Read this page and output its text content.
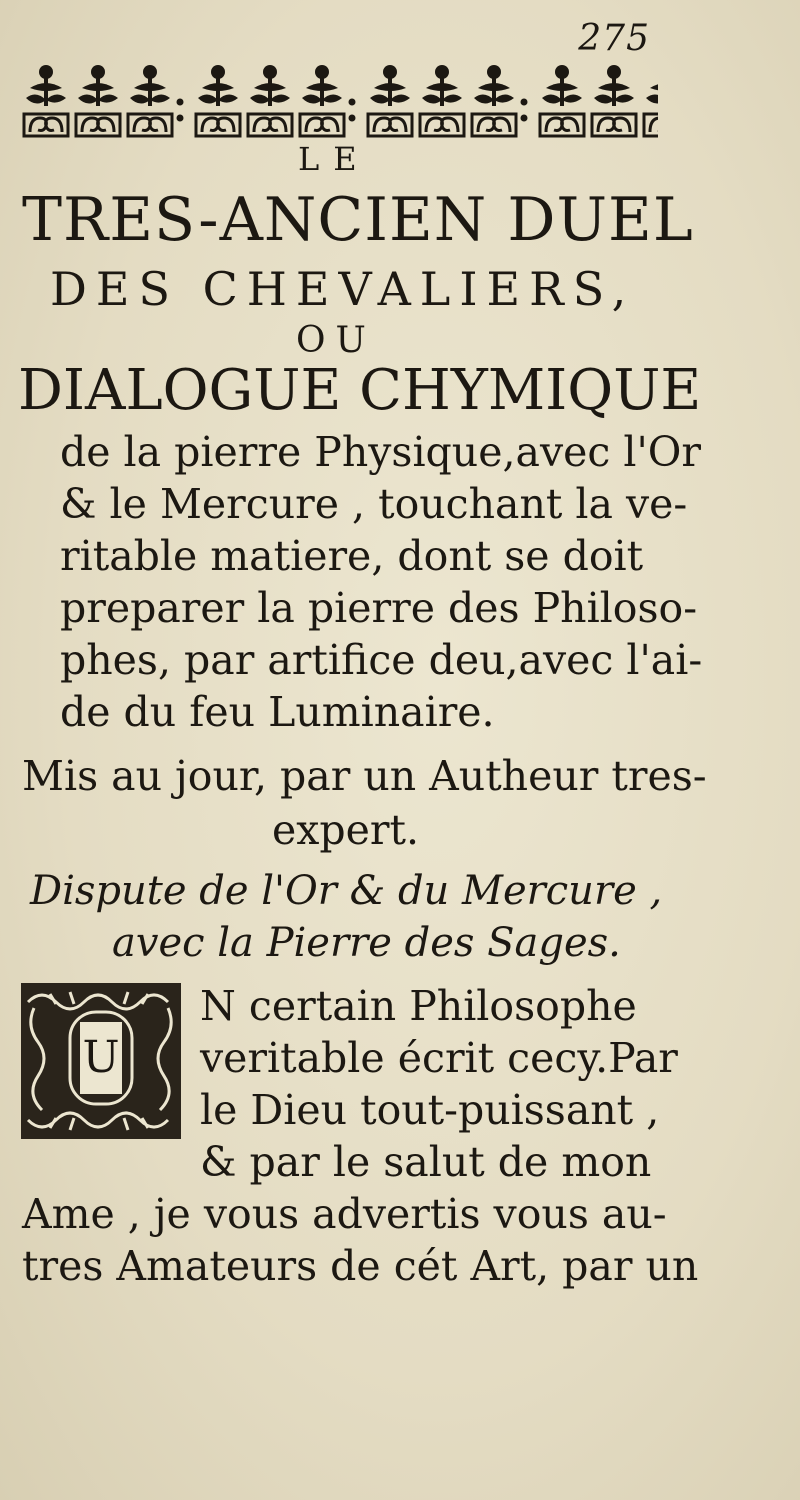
275
LE
TRES-ANCIEN DUEL
DES CHEVALIERS,
OU
DIALOGUE CHYMIQUE
de la pierre Physique,avec l'Or
& le Mercure , touchant la ve-
ritable matiere, dont se doit
preparer la pierre des Philoso-
phes, par artifice deu,avec l'ai-
de du feu Luminaire.
Mis au jour, par un Autheur tres-
expert.
Dispute de l'Or & du Mercure ,
avec la Pierre des Sages.
U
N certain Philosophe
veritable écrit cecy.Par
le Dieu tout-puissant ,
& par le salut de mon
Ame , je vous advertis vous au-
tres Amateurs de cét Art, par un
